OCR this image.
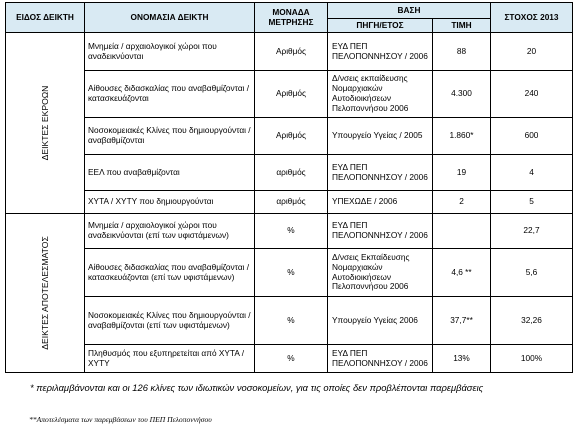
ΕΙΔΟΣ ΔΕΙΚΤΗ	ΟΝΟΜΑΣΙΑ ΔΕΙΚΤΗ	ΜΟΝΑΔΑ ΜΕΤΡΗΣΗΣ	ΒΑΣΗ		ΣΤΟΧΟΣ 2013
			ΠΗΓΗ/ΕΤΟΣ	ΤΙΜΗ	

ΔΕΙΚΤΕΣ ΕΚΡΟΩΝ	Μνημεία / αρχαιολογικοί χώροι που αναδεικνύονται	Αριθμός	ΕΥΔ ΠΕΠ ΠΕΛΟΠΟΝΝΗΣΟΥ / 2006	88	20
	Αίθουσες διδασκαλίας που αναβαθμίζονται / κατασκευάζονται	Αριθμός	Δ/νσεις εκπαίδευσης Νομαρχιακών Αυτοδιοικήσεων Πελοποννήσου 2006	4.300	240
	Νοσοκομειακές Κλίνες που δημιουργούνται / αναβαθμίζονται	Αριθμός	Υπουργείο Υγείας / 2005	1.860*	600
	ΕΕΛ που αναβαθμίζονται	αριθμός	ΕΥΔ ΠΕΠ ΠΕΛΟΠΟΝΝΗΣΟΥ / 2006	19	4
	ΧΥΤΑ / ΧΥΤΥ που δημιουργούνται	αριθμός	ΥΠΕΧΩΔΕ / 2006	2	5

ΔΕΙΚΤΕΣ ΑΠΟΤΕΛΕΣΜΑΤΟΣ	Μνημεία / αρχαιολογικοί χώροι που αναδεικνύονται (επί των υφιστάμενων)	%	ΕΥΔ ΠΕΠ ΠΕΛΟΠΟΝΝΗΣΟΥ / 2006		22,7
	Αίθουσες διδασκαλίας που αναβαθμίζονται / κατασκευάζονται (επί των υφιστάμενων)	%	Δ/νσεις Εκπαίδευσης Νομαρχιακών Αυτοδιοικήσεων Πελοποννήσου 2006	4,6 **	5,6
	Νοσοκομειακές Κλίνες που δημιουργούνται / αναβαθμίζονται (επί των υφιστάμενων)	%	Υπουργείο Υγείας 2006	37,7**	32,26
	Πληθυσμός που εξυπηρετείται από ΧΥΤΑ / ΧΥΤΥ	%	ΕΥΔ ΠΕΠ ΠΕΛΟΠΟΝΝΗΣΟΥ / 2006	13%	100%
* περιλαμβάνονται και οι 126 κλίνες των ιδιωτικών νοσοκομείων, για τις οποίες δεν προβλέπονται παρεμβάσεις
**Αποτελέσματα των παρεμβάσεων του ΠΕΠ Πελοποννήσου
